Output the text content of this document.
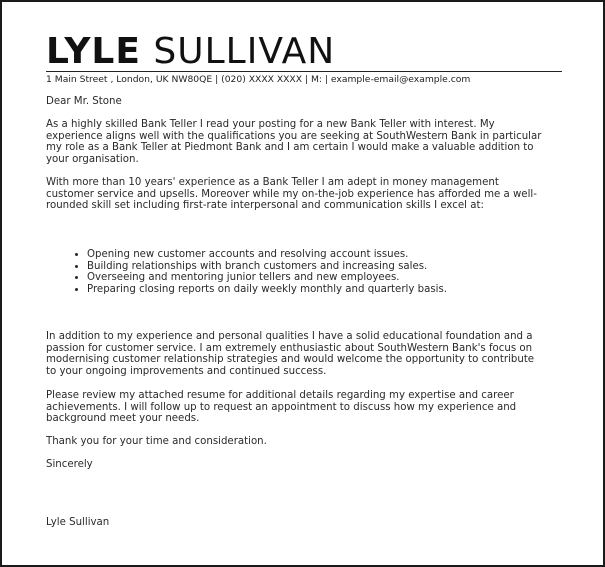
LYLE SULLIVAN
1 Main Street , London, UK NW80QE | (020) XXXX XXXX | M: | example-email@example.com
Dear Mr. Stone
As a highly skilled Bank Teller I read your posting for a new Bank Teller with interest. My
experience aligns well with the qualifications you are seeking at SouthWestern Bank in particular
my role as a Bank Teller at Piedmont Bank and I am certain I would make a valuable addition to
your organisation.
With more than 10 years' experience as a Bank Teller I am adept in money management
customer service and upsells. Moreover while my on-the-job experience has afforded me a well-
rounded skill set including first-rate interpersonal and communication skills I excel at:
• Opening new customer accounts and resolving account issues.
• Building relationships with branch customers and increasing sales.
• Overseeing and mentoring junior tellers and new employees.
• Preparing closing reports on daily weekly monthly and quarterly basis.
In addition to my experience and personal qualities I have a solid educational foundation and a
passion for customer service. I am extremely enthusiastic about SouthWestern Bank's focus on
modernising customer relationship strategies and would welcome the opportunity to contribute
to your ongoing improvements and continued success.
Please review my attached resume for additional details regarding my expertise and career
achievements. I will follow up to request an appointment to discuss how my experience and
background meet your needs.
Thank you for your time and consideration.
Sincerely
Lyle Sullivan
